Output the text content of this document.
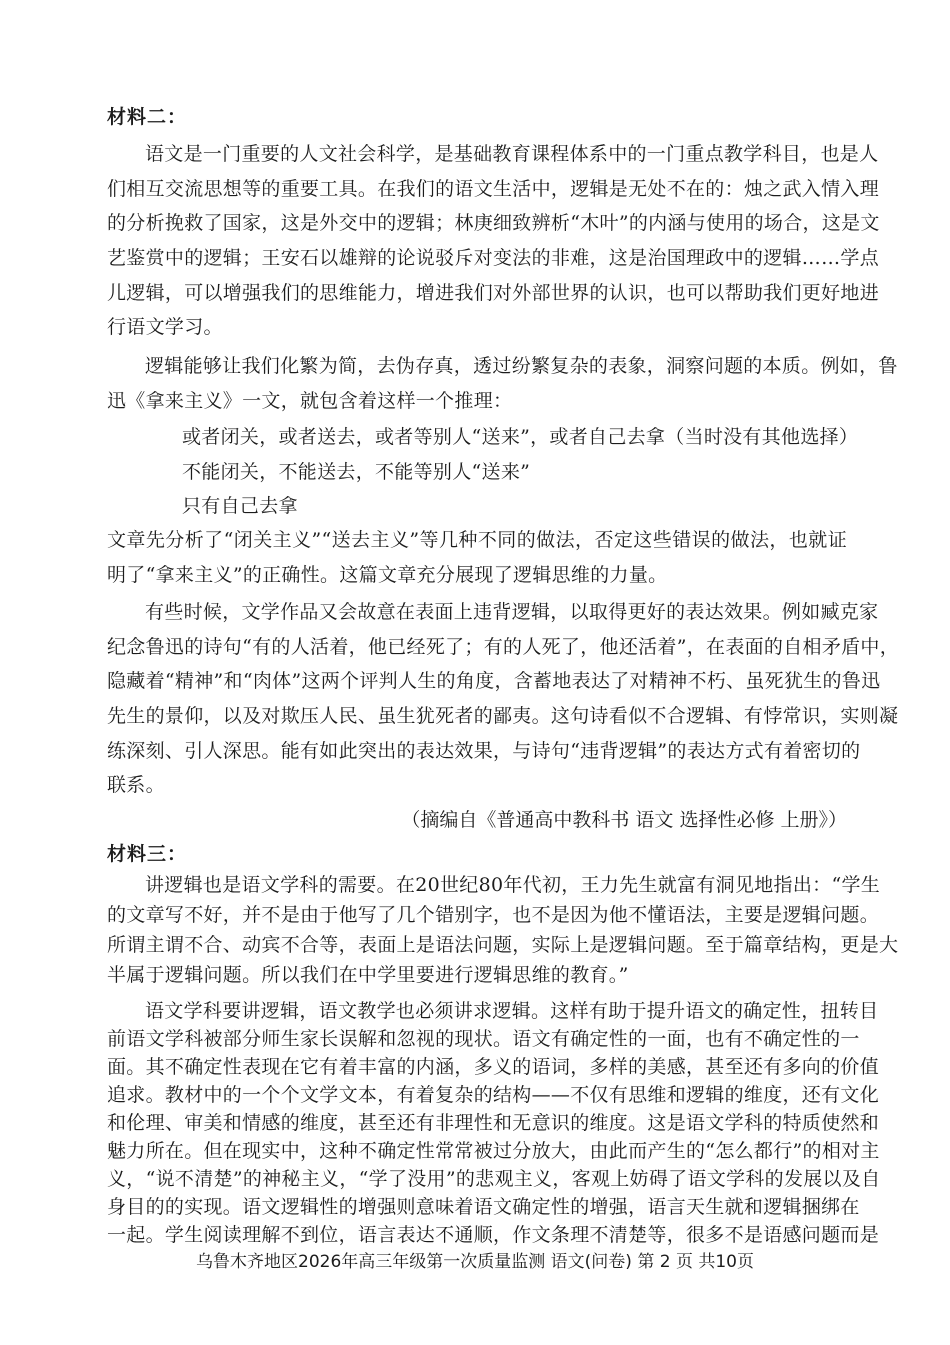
材料二：
语文是一门重要的人文社会科学，是基础教育课程体系中的一门重点教学科目，也是人
们相互交流思想等的重要工具。在我们的语文生活中，逻辑是无处不在的：烛之武入情入理
的分析挽救了国家，这是外交中的逻辑；林庚细致辨析“木叶”的内涵与使用的场合，这是文
艺鉴赏中的逻辑；王安石以雄辩的论说驳斥对变法的非难，这是治国理政中的逻辑……学点
儿逻辑，可以增强我们的思维能力，增进我们对外部世界的认识，也可以帮助我们更好地进
行语文学习。
逻辑能够让我们化繁为简，去伪存真，透过纷繁复杂的表象，洞察问题的本质。例如，鲁
迅《拿来主义》一文，就包含着这样一个推理：
或者闭关，或者送去，或者等别人“送来”，或者自己去拿（当时没有其他选择）
不能闭关，不能送去，不能等别人“送来”
只有自己去拿
文章先分析了“闭关主义”“送去主义”等几种不同的做法，否定这些错误的做法，也就证
明了“拿来主义”的正确性。这篇文章充分展现了逻辑思维的力量。
有些时候，文学作品又会故意在表面上违背逻辑，以取得更好的表达效果。例如臧克家
纪念鲁迅的诗句“有的人活着，他已经死了；有的人死了，他还活着”，在表面的自相矛盾中，
隐藏着“精神”和“肉体”这两个评判人生的角度，含蓄地表达了对精神不朽、虽死犹生的鲁迅
先生的景仰，以及对欺压人民、虽生犹死者的鄙夷。这句诗看似不合逻辑、有悖常识，实则凝
练深刻、引人深思。能有如此突出的表达效果，与诗句“违背逻辑”的表达方式有着密切的
联系。
（摘编自《普通高中教科书 语文 选择性必修 上册》）
材料三：
讲逻辑也是语文学科的需要。在20世纪80年代初，王力先生就富有洞见地指出：“学生
的文章写不好，并不是由于他写了几个错别字，也不是因为他不懂语法，主要是逻辑问题。
所谓主谓不合、动宾不合等，表面上是语法问题，实际上是逻辑问题。至于篇章结构，更是大
半属于逻辑问题。所以我们在中学里要进行逻辑思维的教育。”
语文学科要讲逻辑，语文教学也必须讲求逻辑。这样有助于提升语文的确定性，扭转目
前语文学科被部分师生家长误解和忽视的现状。语文有确定性的一面，也有不确定性的一
面。其不确定性表现在它有着丰富的内涵，多义的语词，多样的美感，甚至还有多向的价值
追求。教材中的一个个文学文本，有着复杂的结构——不仅有思维和逻辑的维度，还有文化
和伦理、审美和情感的维度，甚至还有非理性和无意识的维度。这是语文学科的特质使然和
魅力所在。但在现实中，这种不确定性常常被过分放大，由此而产生的“怎么都行”的相对主
义，“说不清楚”的神秘主义，“学了没用”的悲观主义，客观上妨碍了语文学科的发展以及自
乌鲁木齐地区2026年高三年级第一次质量监测 语文(问卷) 第 2 页 共10页
身目的的实现。语文逻辑性的增强则意味着语文确定性的增强，语言天生就和逻辑捆绑在
一起。学生阅读理解不到位，语言表达不通顺，作文条理不清楚等，很多不是语感问题而是
